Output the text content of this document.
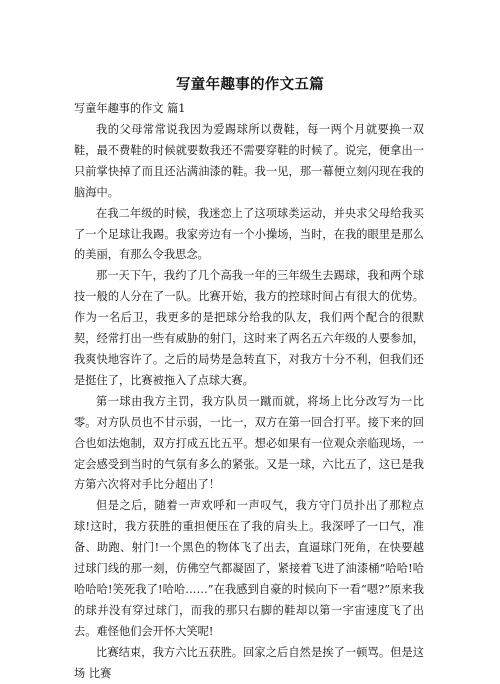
写童年趣事的作文五篇
写童年趣事的作文 篇1

我的父母常常说我因为爱踢球所以费鞋，每一两个月就要换一双鞋，最不费鞋的时候就要数我还不需要穿鞋的时候了。说完，便拿出一只前掌快掉了而且还沾满油漆的鞋。我一见，那一幕便立刻闪现在我的脑海中。

在我二年级的时候，我迷恋上了这项球类运动，并央求父母给我买了一个足球让我踢。我家旁边有一个小操场，当时，在我的眼里是那么的美丽，有那么令我思念。

那一天下午，我约了几个高我一年的三年级生去踢球，我和两个球技一般的人分在了一队。比赛开始，我方的控球时间占有很大的优势。作为一名后卫，我更多的是把球分给我的队友，我们两个配合的很默契，经常打出一些有威胁的射门，这时来了两名五六年级的人要参加，我爽快地容许了。之后的局势是急转直下，对我方十分不利，但我们还是挺住了，比赛被拖入了点球大赛。

第一球由我方主罚，我方队员一蹴而就，将场上比分改写为一比零。对方队员也不甘示弱，一比一，双方在第一回合打平。接下来的回合也如法炮制，双方打成五比五平。想必如果有一位观众亲临现场，一定会感受到当时的气氛有多么的紧张。又是一球，六比五了，这已是我方第六次将对手比分超出了！

但是之后，随着一声欢呼和一声叹气，我方守门员扑出了那粒点球!这时，我方获胜的重担便压在了我的肩头上。我深呼了一口气，准备、助跑、射门!一个黑色的物体飞了出去，直逼球门死角，在快要越过球门线的那一刻，仿佛空气都凝固了，紧接着飞进了油漆桶“哈哈!哈哈哈哈!笑死我了!哈哈……”在我感到自豪的时候向下一看“嗯?”原来我的球并没有穿过球门，而我的那只右脚的鞋却以第一宇宙速度飞了出去。难怪他们会开怀大笑呢!

比赛结束，我方六比五获胜。回家之后自然是挨了一顿骂。但是这场 比赛
